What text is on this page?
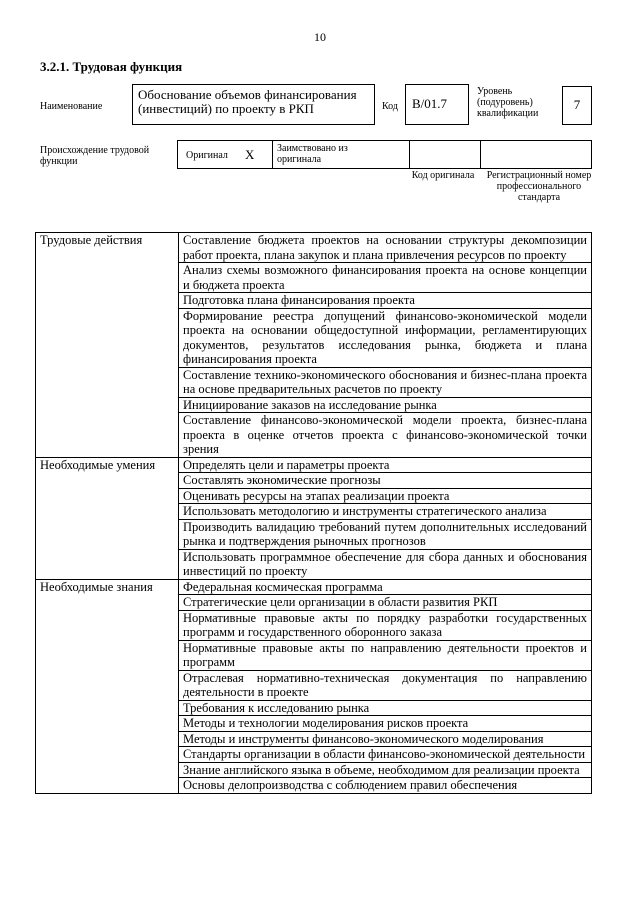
10
3.2.1. Трудовая функция
Наименование
Обоснование объемов финансирования (инвестиций) по проекту в РКП	Код	B/01.7
Уровень (подуровень) квалификации
7
Происхождение трудовой функции
Оригинал X Заимствовано из оригинала
Код оригинала	Регистрационный номер профессионального стандарта
Трудовые действия	Составление бюджета проектов на основании структуры декомпозиции работ проекта, плана закупок и плана привлечения ресурсов по проекту
	Анализ схемы возможного финансирования проекта на основе концепции и бюджета проекта
	Подготовка плана финансирования проекта
	Формирование реестра допущений финансово-экономической модели проекта на основании общедоступной информации, регламентирующих документов, результатов исследования рынка, бюджета и плана финансирования проекта
	Составление технико-экономического обоснования и бизнес-плана проекта на основе предварительных расчетов по проекту
	Инициирование заказов на исследование рынка
	Составление финансово-экономической модели проекта, бизнес-плана проекта в оценке отчетов проекта с финансово-экономической точки зрения
Необходимые умения	Определять цели и параметры проекта
	Составлять экономические прогнозы
	Оценивать ресурсы на этапах реализации проекта
	Использовать методологию и инструменты стратегического анализа
	Производить валидацию требований путем дополнительных исследований рынка и подтверждения рыночных прогнозов
	Использовать программное обеспечение для сбора данных и обоснования инвестиций по проекту
Необходимые знания	Федеральная космическая программа
	Стратегические цели организации в области развития РКП
	Нормативные правовые акты по порядку разработки государственных программ и государственного оборонного заказа
	Нормативные правовые акты по направлению деятельности проектов и программ
	Отраслевая нормативно-техническая документация по направлению деятельности в проекте
	Требования к исследованию рынка
	Методы и технологии моделирования рисков проекта
	Методы и инструменты финансово-экономического моделирования
	Стандарты организации в области финансово-экономической деятельности
	Знание английского языка в объеме, необходимом для реализации проекта
	Основы делопроизводства с соблюдением правил обеспечения
